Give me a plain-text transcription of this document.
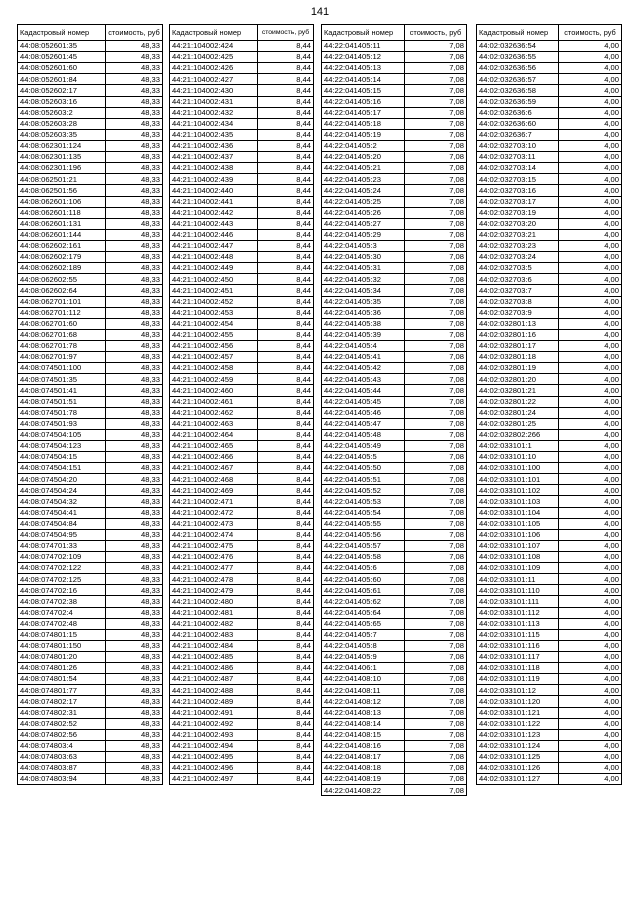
141
Кадастровый номер	стоимость, руб
44:08:052601:35	48,33
44:08:052601:45	48,33
44:08:052601:60	48,33
44:08:052601:84	48,33
44:08:052602:17	48,33
44:08:052603:16	48,33
44:08:052603:2	48,33
44:08:052603:28	48,33
44:08:052603:35	48,33
44:08:062301:124	48,33
44:08:062301:135	48,33
44:08:062301:196	48,33
44:08:062501:21	48,33
44:08:062501:56	48,33
44:08:062601:106	48,33
44:08:062601:118	48,33
44:08:062601:131	48,33
44:08:062601:144	48,33
44:08:062602:161	48,33
44:08:062602:179	48,33
44:08:062602:189	48,33
44:08:062602:55	48,33
44:08:062602:64	48,33
44:08:062701:101	48,33
44:08:062701:112	48,33
44:08:062701:60	48,33
44:08:062701:68	48,33
44:08:062701:78	48,33
44:08:062701:97	48,33
44:08:074501:100	48,33
44:08:074501:35	48,33
44:08:074501:41	48,33
44:08:074501:51	48,33
44:08:074501:78	48,33
44:08:074501:93	48,33
44:08:074504:105	48,33
44:08:074504:123	48,33
44:08:074504:15	48,33
44:08:074504:151	48,33
44:08:074504:20	48,33
44:08:074504:24	48,33
44:08:074504:32	48,33
44:08:074504:41	48,33
44:08:074504:84	48,33
44:08:074504:95	48,33
44:08:074701:33	48,33
44:08:074702:109	48,33
44:08:074702:122	48,33
44:08:074702:125	48,33
44:08:074702:16	48,33
44:08:074702:38	48,33
44:08:074702:4	48,33
44:08:074702:48	48,33
44:08:074801:15	48,33
44:08:074801:150	48,33
44:08:074801:20	48,33
44:08:074801:26	48,33
44:08:074801:54	48,33
44:08:074801:77	48,33
44:08:074802:17	48,33
44:08:074802:31	48,33
44:08:074802:52	48,33
44:08:074802:56	48,33
44:08:074803:4	48,33
44:08:074803:63	48,33
44:08:074803:87	48,33
44:08:074803:94	48,33
Кадастровый номер	стоимость, руб
44:21:104002:424	8,44
44:21:104002:425	8,44
44:21:104002:426	8,44
44:21:104002:427	8,44
44:21:104002:430	8,44
44:21:104002:431	8,44
44:21:104002:432	8,44
44:21:104002:434	8,44
44:21:104002:435	8,44
44:21:104002:436	8,44
44:21:104002:437	8,44
44:21:104002:438	8,44
44:21:104002:439	8,44
44:21:104002:440	8,44
44:21:104002:441	8,44
44:21:104002:442	8,44
44:21:104002:443	8,44
44:21:104002:446	8,44
44:21:104002:447	8,44
44:21:104002:448	8,44
44:21:104002:449	8,44
44:21:104002:450	8,44
44:21:104002:451	8,44
44:21:104002:452	8,44
44:21:104002:453	8,44
44:21:104002:454	8,44
44:21:104002:455	8,44
44:21:104002:456	8,44
44:21:104002:457	8,44
44:21:104002:458	8,44
44:21:104002:459	8,44
44:21:104002:460	8,44
44:21:104002:461	8,44
44:21:104002:462	8,44
44:21:104002:463	8,44
44:21:104002:464	8,44
44:21:104002:465	8,44
44:21:104002:466	8,44
44:21:104002:467	8,44
44:21:104002:468	8,44
44:21:104002:469	8,44
44:21:104002:471	8,44
44:21:104002:472	8,44
44:21:104002:473	8,44
44:21:104002:474	8,44
44:21:104002:475	8,44
44:21:104002:476	8,44
44:21:104002:477	8,44
44:21:104002:478	8,44
44:21:104002:479	8,44
44:21:104002:480	8,44
44:21:104002:481	8,44
44:21:104002:482	8,44
44:21:104002:483	8,44
44:21:104002:484	8,44
44:21:104002:485	8,44
44:21:104002:486	8,44
44:21:104002:487	8,44
44:21:104002:488	8,44
44:21:104002:489	8,44
44:21:104002:491	8,44
44:21:104002:492	8,44
44:21:104002:493	8,44
44:21:104002:494	8,44
44:21:104002:495	8,44
44:21:104002:496	8,44
44:21:104002:497	8,44
Кадастровый номер	стоимость, руб
44:22:041405:11	7,08
44:22:041405:12	7,08
44:22:041405:13	7,08
44:22:041405:14	7,08
44:22:041405:15	7,08
44:22:041405:16	7,08
44:22:041405:17	7,08
44:22:041405:18	7,08
44:22:041405:19	7,08
44:22:041405:2	7,08
44:22:041405:20	7,08
44:22:041405:21	7,08
44:22:041405:23	7,08
44:22:041405:24	7,08
44:22:041405:25	7,08
44:22:041405:26	7,08
44:22:041405:27	7,08
44:22:041405:29	7,08
44:22:041405:3	7,08
44:22:041405:30	7,08
44:22:041405:31	7,08
44:22:041405:32	7,08
44:22:041405:34	7,08
44:22:041405:35	7,08
44:22:041405:36	7,08
44:22:041405:38	7,08
44:22:041405:39	7,08
44:22:041405:4	7,08
44:22:041405:41	7,08
44:22:041405:42	7,08
44:22:041405:43	7,08
44:22:041405:44	7,08
44:22:041405:45	7,08
44:22:041405:46	7,08
44:22:041405:47	7,08
44:22:041405:48	7,08
44:22:041405:49	7,08
44:22:041405:5	7,08
44:22:041405:50	7,08
44:22:041405:51	7,08
44:22:041405:52	7,08
44:22:041405:53	7,08
44:22:041405:54	7,08
44:22:041405:55	7,08
44:22:041405:56	7,08
44:22:041405:57	7,08
44:22:041405:58	7,08
44:22:041405:6	7,08
44:22:041405:60	7,08
44:22:041405:61	7,08
44:22:041405:62	7,08
44:22:041405:64	7,08
44:22:041405:65	7,08
44:22:041405:7	7,08
44:22:041405:8	7,08
44:22:041405:9	7,08
44:22:041406:1	7,08
44:22:041408:10	7,08
44:22:041408:11	7,08
44:22:041408:12	7,08
44:22:041408:13	7,08
44:22:041408:14	7,08
44:22:041408:15	7,08
44:22:041408:16	7,08
44:22:041408:17	7,08
44:22:041408:18	7,08
44:22:041408:19	7,08
44:22:041408:22	7,08
Кадастровый номер	стоимость, руб
44:02:032636:54	4,00
44:02:032636:55	4,00
44:02:032636:56	4,00
44:02:032636:57	4,00
44:02:032636:58	4,00
44:02:032636:59	4,00
44:02:032636:6	4,00
44:02:032636:60	4,00
44:02:032636:7	4,00
44:02:032703:10	4,00
44:02:032703:11	4,00
44:02:032703:14	4,00
44:02:032703:15	4,00
44:02:032703:16	4,00
44:02:032703:17	4,00
44:02:032703:19	4,00
44:02:032703:20	4,00
44:02:032703:21	4,00
44:02:032703:23	4,00
44:02:032703:24	4,00
44:02:032703:5	4,00
44:02:032703:6	4,00
44:02:032703:7	4,00
44:02:032703:8	4,00
44:02:032703:9	4,00
44:02:032801:13	4,00
44:02:032801:16	4,00
44:02:032801:17	4,00
44:02:032801:18	4,00
44:02:032801:19	4,00
44:02:032801:20	4,00
44:02:032801:21	4,00
44:02:032801:22	4,00
44:02:032801:24	4,00
44:02:032801:25	4,00
44:02:032802:266	4,00
44:02:033101:1	4,00
44:02:033101:10	4,00
44:02:033101:100	4,00
44:02:033101:101	4,00
44:02:033101:102	4,00
44:02:033101:103	4,00
44:02:033101:104	4,00
44:02:033101:105	4,00
44:02:033101:106	4,00
44:02:033101:107	4,00
44:02:033101:108	4,00
44:02:033101:109	4,00
44:02:033101:11	4,00
44:02:033101:110	4,00
44:02:033101:111	4,00
44:02:033101:112	4,00
44:02:033101:113	4,00
44:02:033101:115	4,00
44:02:033101:116	4,00
44:02:033101:117	4,00
44:02:033101:118	4,00
44:02:033101:119	4,00
44:02:033101:12	4,00
44:02:033101:120	4,00
44:02:033101:121	4,00
44:02:033101:122	4,00
44:02:033101:123	4,00
44:02:033101:124	4,00
44:02:033101:125	4,00
44:02:033101:126	4,00
44:02:033101:127	4,00
